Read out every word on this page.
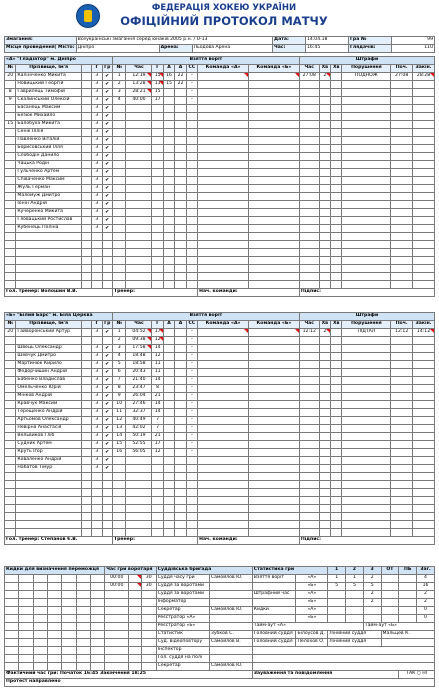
ФЕДЕРАЦІЯ ХОКЕЮ УКРАЇНИ
ОФІЦІЙНИЙ ПРОТОКОЛ МАТЧУ
Змагання:	Всеукраїнські змагання серед юнаків 2005 р.н. / U-13			Дата:	14.04.18	Гра №	99
Місце проведення| Місто:	Дніпро	Арена:	Льодова Арена	Час:	16:45	Глядачів:	110
«А» "Гладіатор" м. Дніпро					Взяття воріт								Штрафи					
№	Прізвище, Ім'я		Г	Гр	№	Час	Г	А	А	СС	Команда «А»	Команда «Б»	Час	Хв	Хв	Порушення	Поч.	Закін.
20	Калініченко Микита		З	✔	1	12:19	15	16	22	–			27:08	2		ПОДНОЖ	27:08	28:28
	Новицький Георгій		З	✔	2	13:28	11	15	22	–								
8	Гаврилець Тимофій		З	✔	3	28:21	15			–								
9	Скалинський Олексій		З	✔	4	40:00	17			–								
	Басанець Максим		З	✔														
	Безюк Михайло		З	✔														
15	Балобуха Микита		З	✔														
	Сенік Іллія		З	✔														
	Павленко Віталій		З	✔														
	Борисовський Ілля		З	✔														
	Слободін Данило		З	✔														
	Чацька Родін		З	✔														
	Гульченко Артем		З	✔														
	Співаченко Максим		З	✔														
	Жуль Герман		З	✔														
	Маломуж Дмитро		З	✔														
	Іонін Андрій		З	✔														
	Кучеренко Микита		З	✔														
	Гловацький Ростислав		З	✔														
	Кубенець Поліна		З	✔														

Гол. тренер: Волошин В.В.					Тренер:						Нач. команди:		Підпис:					
«Б» "Білий Барс" м. Біла Церква					Взяття воріт								Штрафи					
№	Прізвище, Ім'я		Г	Гр	№	Час	Г	А	А	СС	Команда «А»	Команда «Б»	Час	Хв	Хв	Порушення	Поч.	Закін.
20	Гайворонський Артур		З	✔	1	04:52	17			–			12:12	2		ПІДТАЛ	12:12	14:12
					2	09:38	12			–								
	Швець Олександр		З	✔	3	17:58	14			–								
	Шевчук Дмитро		З	✔	4	18:48	12			–								
	Мартинюк Кирило		З	✔	5	18:58	11			–								
	Федорчишин Андрій		З	✔	6	20:43	11			–								
	Бабенко Владислав		З	✔	7	21:40	14			–								
	Омельченко Юрій		З	✔	8	23:47	8			–								
	Мінков Андрій		З	✔	9	26:04	21			–								
	Кравчук Максим		З	✔	10	27:46	14			–								
	Терещенко Андрій		З	✔	11	32:37	14			–								
	Артьомов Олександр		З	✔	12	40:49	7			–								
	Невірна Анастасія		З	✔	13	42:02	7			–								
	Вельвиков Гліб		З	✔	14	50:19	21			–								
	Судник Артем		З	✔	15	52:55	17			–								
	Круть Ігор		З	✔	16	56:05	12			–								
	Коваленко Андрій		З	✔														
	Набатов Тімур		З	✔														

Гол. тренер: Степанов Є.В.					Тренер:						Нач. команди:		Підпис:					
Кидки для визначення переможця							Час гри воротаря			Суддівська бригада		Статистика гри		1	2	3	ОТ	ПБ	Заг.
							00:00		30	Суддя часу гри	Самойлов Ю.	Взяття воріт	«А»	1	1	2			4
							00:00		30	Суддя за воротами			«Б»	5	5	5			16
										Суддя за воротами		Штрафний час	«А»			2			2
										Інформатор			«Б»			2			2
										Секретар	Самойлов Ю.	Кидки	«А»						0
										Реєстратор «А»			«Б»						0
										Реєстратор «Б»		Тайм-аут «А»				Тайм-аут «Б»			
										Статистик	Зубков С.	Головний суддя	Білоусов Д.	Лінійний суддя			Мальцев К.		
										Суд. відеоповтору	Самойлов В.	Головний суддя	Пелохов О.	Лінійний суддя					
										Інспектор									
										Гол. суддя на полі									
										Секретар	Самойлов Ю.								
Фактичний час гри: Початок 16:45 Закінчення 18:25												Зауваження та повідомлення						ТАК ○ НІ	
Протест направлено																			
